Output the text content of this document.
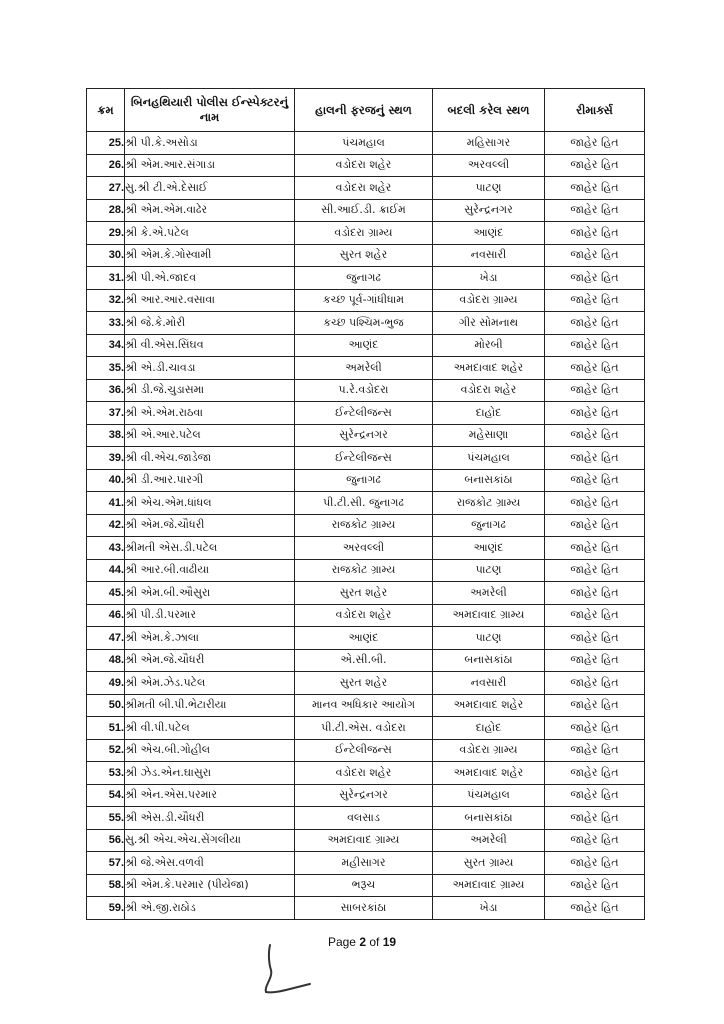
ક્રમ	બિનહથિયારી પોલીસ ઈન્સ્પેક્ટરનું નામ	હાલની ફરજનું સ્થળ	બદલી કરેલ સ્થળ	રીમાર્ક્સ
25.	શ્રી પી.કે.અસોડા	પંચમહાલ	મહિસાગર	જાહેર હિત
26.	શ્રી એમ.આર.સંગાડા	વડોદરા શહેર	અરવલ્લી	જાહેર હિત
27.	સુ.શ્રી ટી.એ.દેસાઈ	વડોદરા શહેર	પાટણ	જાહેર હિત
28.	શ્રી એમ.એમ.વાઢેર	સી.આઈ.ડી. ક્રાઈમ	સુરેન્દ્રનગર	જાહેર હિત
29.	શ્રી કે.એ.પટેલ	વડોદરા ગ્રામ્ય	આણંદ	જાહેર હિત
30.	શ્રી એમ.કે.ગોસ્વામી	સુરત શહેર	નવસારી	જાહેર હિત
31.	શ્રી પી.એ.જાદવ	જુનાગઢ	ખેડા	જાહેર હિત
32.	શ્રી આર.આર.વસાવા	કચ્છ પૂર્વ-ગાંધીધામ	વડોદરા ગ્રામ્ય	જાહેર હિત
33.	શ્રી જે.કે.મોરી	કચ્છ પશ્ચિમ-ભુજ	ગીર સોમનાથ	જાહેર હિત
34.	શ્રી વી.એસ.સિંઘવ	આણંદ	મોરબી	જાહેર હિત
35.	શ્રી એ.ડી.ચાવડા	અમરેલી	અમદાવાદ શહેર	જાહેર હિત
36.	શ્રી ડી.જે.ચુડાસમા	પ.રે.વડોદરા	વડોદરા શહેર	જાહેર હિત
37.	શ્રી એ.એમ.રાઠવા	ઈન્ટેલીજન્સ	દાહોદ	જાહેર હિત
38.	શ્રી એ.આર.પટેલ	સુરેન્દ્રનગર	મહેસાણા	જાહેર હિત
39.	શ્રી વી.એચ.જાડેજા	ઈન્ટેલીજન્સ	પંચમહાલ	જાહેર હિત
40.	શ્રી ડી.આર.પારગી	જુનાગઢ	બનાસકાંઠા	જાહેર હિત
41.	શ્રી એચ.એમ.ધાંધલ	પી.ટી.સી. જુનાગઢ	રાજકોટ ગ્રામ્ય	જાહેર હિત
42.	શ્રી એમ.જે.ચૌધરી	રાજકોટ ગ્રામ્ય	જુનાગઢ	જાહેર હિત
43.	શ્રીમતી એસ.ડી.પટેલ	અરવલ્લી	આણંદ	જાહેર હિત
44.	શ્રી આર.બી.વાઢીયા	રાજકોટ ગ્રામ્ય	પાટણ	જાહેર હિત
45.	શ્રી એમ.બી.ઔસુરા	સુરત શહેર	અમરેલી	જાહેર હિત
46.	શ્રી પી.ડી.પરમાર	વડોદરા શહેર	અમદાવાદ ગ્રામ્ય	જાહેર હિત
47.	શ્રી એમ.કે.ઝાલા	આણંદ	પાટણ	જાહેર હિત
48.	શ્રી એમ.જે.ચૌધરી	એ.સી.બી.	બનાસકાંઠા	જાહેર હિત
49.	શ્રી એમ.ઝેડ.પટેલ	સુરત શહેર	નવસારી	જાહેર હિત
50.	શ્રીમતી બી.પી.ભેટારીયા	માનવ અધિકાર આયોગ	અમદાવાદ શહેર	જાહેર હિત
51.	શ્રી વી.પી.પટેલ	પી.ટી.એસ. વડોદરા	દાહોદ	જાહેર હિત
52.	શ્રી એચ.બી.ગોહીલ	ઈન્ટેલીજન્સ	વડોદરા ગ્રામ્ય	જાહેર હિત
53.	શ્રી ઝેડ.એન.ઘાસુરા	વડોદરા શહેર	અમદાવાદ શહેર	જાહેર હિત
54.	શ્રી એન.એસ.પરમાર	સુરેન્દ્રનગર	પંચમહાલ	જાહેર હિત
55.	શ્રી એસ.ડી.ચૌધરી	વલસાડ	બનાસકાંઠા	જાહેર હિત
56.	સુ.શ્રી એચ.એચ.સેંગલીયા	અમદાવાદ ગ્રામ્ય	અમરેલી	જાહેર હિત
57.	શ્રી જે.એસ.વળવી	મહીસાગર	સુરત ગ્રામ્ય	જાહેર હિત
58.	શ્રી એમ.કે.પરમાર (પીયેજા)	ભરૂચ	અમદાવાદ ગ્રામ્ય	જાહેર હિત
59.	શ્રી એ.જી.રાઠોડ	સાબરકાંઠા	ખેડા	જાહેર હિત
Page 2 of 19
